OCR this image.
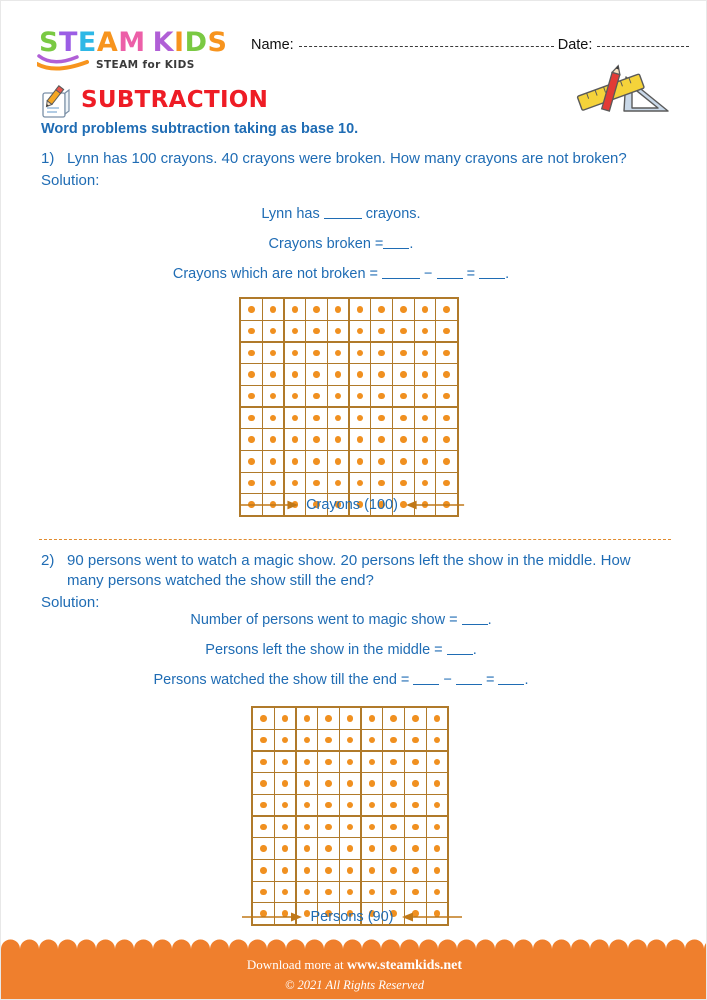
STEAM KIDS
STEAM for KIDS
Name:	Date:
SUBTRACTION
Word problems subtraction taking as base 10.
1) Lynn has 100 crayons. 40 crayons were broken. How many crayons are not broken?
Solution:
Lynn has	crayons.
Crayons broken = .
Crayons which are not broken =	−  = .
Crayons (100)
2) 90 persons went to watch a magic show. 20 persons left the show in the middle. How many persons watched the show still the end?
Solution:
Number of persons went to magic show = .
Persons left the show in the middle = .
Persons watched the show till the end =  −  = .
Persons (90)
Download more at www.steamkids.net
© 2021 All Rights Reserved
